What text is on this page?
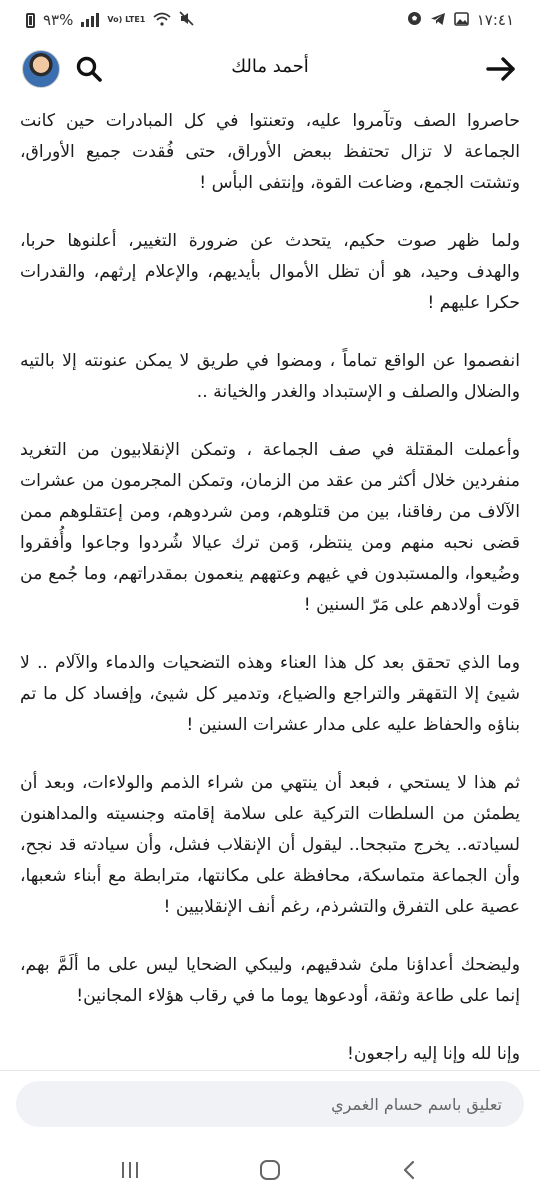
٩٣%	Vo) LTE1	١٧:٤١
أحمد مالك

حاصروا الصف وتآمروا عليه، وتعنتوا في كل المبادرات حين كانت الجماعة لا تزال تحتفظ ببعض الأوراق، حتى فُقدت جميع الأوراق، وتشتت الجمع، وضاعت القوة، وإنتفى البأس !

ولما ظهر صوت حكيم، يتحدث عن ضرورة التغيير، أعلنوها حربا، والهدف وحيد، هو أن تظل الأموال بأيديهم، والإعلام إرثهم، والقدرات حكرا عليهم !

انفصموا عن الواقع تماماً ، ومضوا في طريق لا يمكن عنونته إلا بالتيه والضلال والصلف و الإستبداد والغدر والخيانة ..

وأعملت المقتلة في صف الجماعة ، وتمكن الإنقلابيون من التغريد منفردين خلال أكثر من عقد من الزمان، وتمكن المجرمون من عشرات الآلاف من رفاقنا، بين من قتلوهم، ومن شردوهم، ومن إعتقلوهم ممن قضى نحبه منهم ومن ينتظر، وَمن ترك عيالا شُردوا وجاعوا وأُفقروا وضُيعوا، والمستبدون في غيهم وعتههم ينعمون بمقدراتهم، وما جُمع من قوت أولادهم على مَرّ السنين !

وما الذي تحقق بعد كل هذا العناء وهذه التضحيات والدماء والآلام .. لا شيئ إلا التقهقر والتراجع والضياع، وتدمير كل شيئ، وإفساد كل ما تم بناؤه والحفاظ عليه على مدار عشرات السنين !

ثم هذا لا يستحي ، فبعد أن ينتهي من شراء الذمم والولاءات، وبعد أن يطمئن من السلطات التركية على سلامة إقامته وجنسيته والمداهنون لسيادته.. يخرج متبجحا.. ليقول أن الإنقلاب فشل، وأن سيادته قد نجح، وأن الجماعة متماسكة، محافظة على مكانتها، مترابطة مع أبناء شعبها، عصية على التفرق والتشرذم، رغم أنف الإنقلابيين !

وليضحك أعداؤنا ملئ شدقيهم، وليبكي الضحايا ليس على ما ألَمَّ بهم، إنما على طاعة وثقة، أودعوها يوما ما في رقاب هؤلاء المجانين!

وإنا لله وإنا إليه راجعون!

تعليق باسم حسام الغمري
